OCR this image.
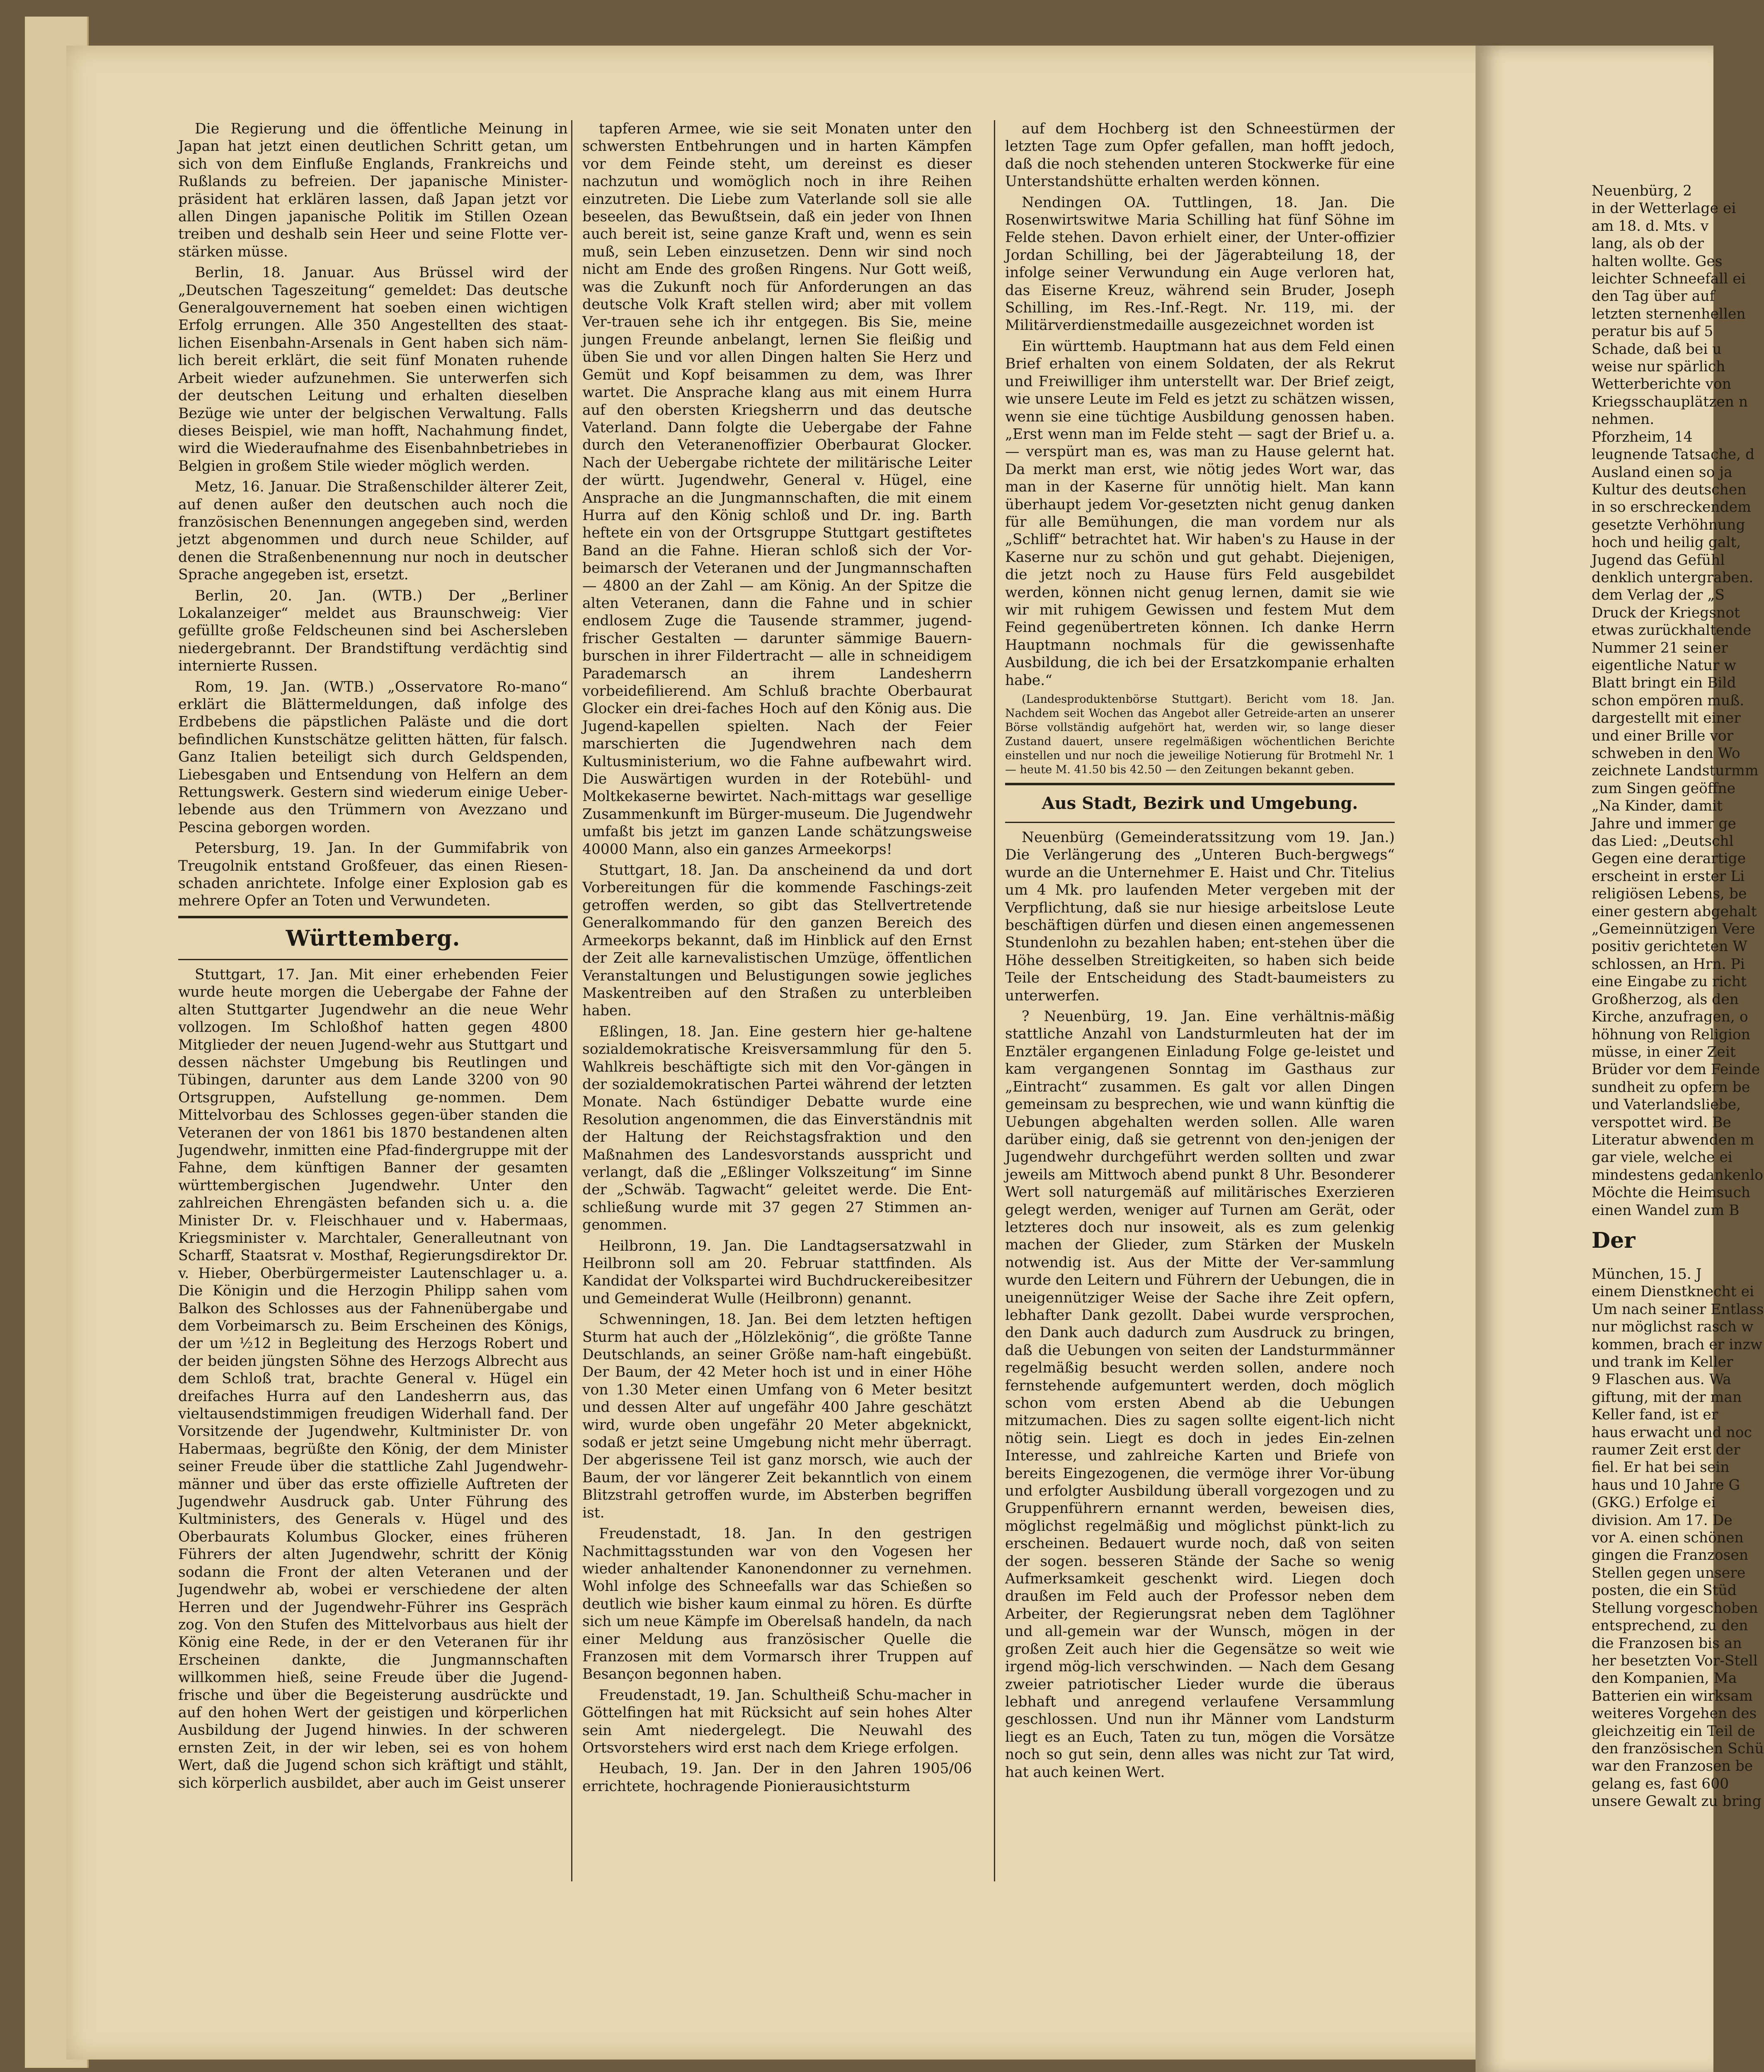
Die Regierung und die öffentliche Meinung in Japan hat jetzt einen deutlichen Schritt getan, um sich von dem Einfluße Englands, Frankreichs und Rußlands zu befreien. Der japanische Minister-präsident hat erklären lassen, daß Japan jetzt vor allen Dingen japanische Politik im Stillen Ozean treiben und deshalb sein Heer und seine Flotte ver-stärken müsse.

Berlin, 18. Januar. Aus Brüssel wird der „Deutschen Tageszeitung“ gemeldet: Das deutsche Generalgouvernement hat soeben einen wichtigen Erfolg errungen. Alle 350 Angestellten des staat-lichen Eisenbahn-Arsenals in Gent haben sich näm-lich bereit erklärt, die seit fünf Monaten ruhende Arbeit wieder aufzunehmen. Sie unterwerfen sich der deutschen Leitung und erhalten dieselben Bezüge wie unter der belgischen Verwaltung. Falls dieses Beispiel, wie man hofft, Nachahmung findet, wird die Wiederaufnahme des Eisenbahnbetriebes in Belgien in großem Stile wieder möglich werden.

Metz, 16. Januar. Die Straßenschilder älterer Zeit, auf denen außer den deutschen auch noch die französischen Benennungen angegeben sind, werden jetzt abgenommen und durch neue Schilder, auf denen die Straßenbenennung nur noch in deutscher Sprache angegeben ist, ersetzt.

Berlin, 20. Jan. (WTB.) Der „Berliner Lokalanzeiger“ meldet aus Braunschweig: Vier gefüllte große Feldscheunen sind bei Aschersleben niedergebrannt. Der Brandstiftung verdächtig sind internierte Russen.

Rom, 19. Jan. (WTB.) „Osservatore Ro-mano“ erklärt die Blättermeldungen, daß infolge des Erdbebens die päpstlichen Paläste und die dort befindlichen Kunstschätze gelitten hätten, für falsch. Ganz Italien beteiligt sich durch Geldspenden, Liebesgaben und Entsendung von Helfern an dem Rettungswerk. Gestern sind wiederum einige Ueber-lebende aus den Trümmern von Avezzano und Pescina geborgen worden.

Petersburg, 19. Jan. In der Gummifabrik von Treugolnik entstand Großfeuer, das einen Riesen-schaden anrichtete. Infolge einer Explosion gab es mehrere Opfer an Toten und Verwundeten.

Württemberg.

Stuttgart, 17. Jan. Mit einer erhebenden Feier wurde heute morgen die Uebergabe der Fahne der alten Stuttgarter Jugendwehr an die neue Wehr vollzogen. Im Schloßhof hatten gegen 4800 Mitglieder der neuen Jugend-wehr aus Stuttgart und dessen nächster Umgebung bis Reutlingen und Tübingen, darunter aus dem Lande 3200 von 90 Ortsgruppen, Aufstellung ge-nommen. Dem Mittelvorbau des Schlosses gegen-über standen die Veteranen der von 1861 bis 1870 bestandenen alten Jugendwehr, inmitten eine Pfad-findergruppe mit der Fahne, dem künftigen Banner der gesamten württembergischen Jugendwehr. Unter den zahlreichen Ehrengästen befanden sich u. a. die Minister Dr. v. Fleischhauer und v. Habermaas, Kriegsminister v. Marchtaler, Generalleutnant von Scharff, Staatsrat v. Mosthaf, Regierungsdirektor Dr. v. Hieber, Oberbürgermeister Lautenschlager u. a. Die Königin und die Herzogin Philipp sahen vom Balkon des Schlosses aus der Fahnenübergabe und dem Vorbeimarsch zu. Beim Erscheinen des Königs, der um ½12 in Begleitung des Herzogs Robert und der beiden jüngsten Söhne des Herzogs Albrecht aus dem Schloß trat, brachte General v. Hügel ein dreifaches Hurra auf den Landesherrn aus, das vieltausendstimmigen freudigen Widerhall fand. Der Vorsitzende der Jugendwehr, Kultminister Dr. von Habermaas, begrüßte den König, der dem Minister seiner Freude über die stattliche Zahl Jugendwehr-männer und über das erste offizielle Auftreten der Jugendwehr Ausdruck gab. Unter Führung des Kultministers, des Generals v. Hügel und des Oberbaurats Kolumbus Glocker, eines früheren Führers der alten Jugendwehr, schritt der König sodann die Front der alten Veteranen und der Jugendwehr ab, wobei er verschiedene der alten Herren und der Jugendwehr-Führer ins Gespräch zog. Von den Stufen des Mittelvorbaus aus hielt der König eine Rede, in der er den Veteranen für ihr Erscheinen dankte, die Jungmannschaften willkommen hieß, seine Freude über die Jugend-frische und über die Begeisterung ausdrückte und auf den hohen Wert der geistigen und körperlichen Ausbildung der Jugend hinwies. In der schweren ernsten Zeit, in der wir leben, sei es von hohem Wert, daß die Jugend schon sich kräftigt und stählt, sich körperlich ausbildet, aber auch im Geist unserer

tapferen Armee, wie sie seit Monaten unter den schwersten Entbehrungen und in harten Kämpfen vor dem Feinde steht, um dereinst es dieser nachzutun und womöglich noch in ihre Reihen einzutreten. Die Liebe zum Vaterlande soll sie alle beseelen, das Bewußtsein, daß ein jeder von Ihnen auch bereit ist, seine ganze Kraft und, wenn es sein muß, sein Leben einzusetzen. Denn wir sind noch nicht am Ende des großen Ringens. Nur Gott weiß, was die Zukunft noch für Anforderungen an das deutsche Volk Kraft stellen wird; aber mit vollem Ver-trauen sehe ich ihr entgegen. Bis Sie, meine jungen Freunde anbelangt, lernen Sie fleißig und üben Sie und vor allen Dingen halten Sie Herz und Gemüt und Kopf beisammen zu dem, was Ihrer wartet. Die Ansprache klang aus mit einem Hurra auf den obersten Kriegsherrn und das deutsche Vaterland. Dann folgte die Uebergabe der Fahne durch den Veteranenoffizier Oberbaurat Glocker. Nach der Uebergabe richtete der militärische Leiter der württ. Jugendwehr, General v. Hügel, eine Ansprache an die Jungmannschaften, die mit einem Hurra auf den König schloß und Dr. ing. Barth heftete ein von der Ortsgruppe Stuttgart gestiftetes Band an die Fahne. Hieran schloß sich der Vor-beimarsch der Veteranen und der Jungmannschaften — 4800 an der Zahl — am König. An der Spitze die alten Veteranen, dann die Fahne und in schier endlosem Zuge die Tausende strammer, jugend-frischer Gestalten — darunter sämmige Bauern-burschen in ihrer Fildertracht — alle in schneidigem Parademarsch an ihrem Landesherrn vorbeidefilierend. Am Schluß brachte Oberbaurat Glocker ein drei-faches Hoch auf den König aus. Die Jugend-kapellen spielten. Nach der Feier marschierten die Jugendwehren nach dem Kultusministerium, wo die Fahne aufbewahrt wird. Die Auswärtigen wurden in der Rotebühl- und Moltkekaserne bewirtet. Nach-mittags war gesellige Zusammenkunft im Bürger-museum. Die Jugendwehr umfaßt bis jetzt im ganzen Lande schätzungsweise 40000 Mann, also ein ganzes Armeekorps!

Stuttgart, 18. Jan. Da anscheinend da und dort Vorbereitungen für die kommende Faschings-zeit getroffen werden, so gibt das Stellvertretende Generalkommando für den ganzen Bereich des Armeekorps bekannt, daß im Hinblick auf den Ernst der Zeit alle karnevalistischen Umzüge, öffentlichen Veranstaltungen und Belustigungen sowie jegliches Maskentreiben auf den Straßen zu unterbleiben haben.

Eßlingen, 18. Jan. Eine gestern hier ge-haltene sozialdemokratische Kreisversammlung für den 5. Wahlkreis beschäftigte sich mit den Vor-gängen in der sozialdemokratischen Partei während der letzten Monate. Nach 6stündiger Debatte wurde eine Resolution angenommen, die das Einverständnis mit der Haltung der Reichstagsfraktion und den Maßnahmen des Landesvorstands ausspricht und verlangt, daß die „Eßlinger Volkszeitung“ im Sinne der „Schwäb. Tagwacht“ geleitet werde. Die Ent-schließung wurde mit 37 gegen 27 Stimmen an-genommen.

Heilbronn, 19. Jan. Die Landtagsersatzwahl in Heilbronn soll am 20. Februar stattfinden. Als Kandidat der Volkspartei wird Buchdruckereibesitzer und Gemeinderat Wulle (Heilbronn) genannt.

Schwenningen, 18. Jan. Bei dem letzten heftigen Sturm hat auch der „Hölzlekönig“, die größte Tanne Deutschlands, an seiner Größe nam-haft eingebüßt. Der Baum, der 42 Meter hoch ist und in einer Höhe von 1.30 Meter einen Umfang von 6 Meter besitzt und dessen Alter auf ungefähr 400 Jahre geschätzt wird, wurde oben ungefähr 20 Meter abgeknickt, sodaß er jetzt seine Umgebung nicht mehr überragt. Der abgerissene Teil ist ganz morsch, wie auch der Baum, der vor längerer Zeit bekanntlich von einem Blitzstrahl getroffen wurde, im Absterben begriffen ist.

Freudenstadt, 18. Jan. In den gestrigen Nachmittagsstunden war von den Vogesen her wieder anhaltender Kanonendonner zu vernehmen. Wohl infolge des Schneefalls war das Schießen so deutlich wie bisher kaum einmal zu hören. Es dürfte sich um neue Kämpfe im Oberelsaß handeln, da nach einer Meldung aus französischer Quelle die Franzosen mit dem Vormarsch ihrer Truppen auf Besançon begonnen haben.

Freudenstadt, 19. Jan. Schultheiß Schu-macher in Göttelfingen hat mit Rücksicht auf sein hohes Alter sein Amt niedergelegt. Die Neuwahl des Ortsvorstehers wird erst nach dem Kriege erfolgen.

Heubach, 19. Jan. Der in den Jahren 1905/06 errichtete, hochragende Pionierausichtsturm

auf dem Hochberg ist den Schneestürmen der letzten Tage zum Opfer gefallen, man hofft jedoch, daß die noch stehenden unteren Stockwerke für eine Unterstandshütte erhalten werden können.

Nendingen OA. Tuttlingen, 18. Jan. Die Rosenwirtswitwe Maria Schilling hat fünf Söhne im Felde stehen. Davon erhielt einer, der Unter-offizier Jordan Schilling, bei der Jägerabteilung 18, der infolge seiner Verwundung ein Auge verloren hat, das Eiserne Kreuz, während sein Bruder, Joseph Schilling, im Res.-Inf.-Regt. Nr. 119, mi. der Militärverdienstmedaille ausgezeichnet worden ist

Ein württemb. Hauptmann hat aus dem Feld einen Brief erhalten von einem Soldaten, der als Rekrut und Freiwilliger ihm unterstellt war. Der Brief zeigt, wie unsere Leute im Feld es jetzt zu schätzen wissen, wenn sie eine tüchtige Ausbildung genossen haben. „Erst wenn man im Felde steht — sagt der Brief u. a. — verspürt man es, was man zu Hause gelernt hat. Da merkt man erst, wie nötig jedes Wort war, das man in der Kaserne für unnötig hielt. Man kann überhaupt jedem Vor-gesetzten nicht genug danken für alle Bemühungen, die man vordem nur als „Schliff“ betrachtet hat. Wir haben's zu Hause in der Kaserne nur zu schön und gut gehabt. Diejenigen, die jetzt noch zu Hause fürs Feld ausgebildet werden, können nicht genug lernen, damit sie wie wir mit ruhigem Gewissen und festem Mut dem Feind gegenübertreten können. Ich danke Herrn Hauptmann nochmals für die gewissenhafte Ausbildung, die ich bei der Ersatzkompanie erhalten habe.“

(Landesproduktenbörse Stuttgart). Bericht vom 18. Jan. Nachdem seit Wochen das Angebot aller Getreide-arten an unserer Börse vollständig aufgehört hat, werden wir, so lange dieser Zustand dauert, unsere regelmäßigen wöchentlichen Berichte einstellen und nur noch die jeweilige Notierung für Brotmehl Nr. 1 — heute M. 41.50 bis 42.50 — den Zeitungen bekannt geben.

Aus Stadt, Bezirk und Umgebung.

Neuenbürg (Gemeinderatssitzung vom 19. Jan.) Die Verlängerung des „Unteren Buch-bergwegs“ wurde an die Unternehmer E. Haist und Chr. Titelius um 4 Mk. pro laufenden Meter vergeben mit der Verpflichtung, daß sie nur hiesige arbeitslose Leute beschäftigen dürfen und diesen einen angemessenen Stundenlohn zu bezahlen haben; ent-stehen über die Höhe desselben Streitigkeiten, so haben sich beide Teile der Entscheidung des Stadt-baumeisters zu unterwerfen.

? Neuenbürg, 19. Jan. Eine verhältnis-mäßig stattliche Anzahl von Landsturmleuten hat der im Enztäler ergangenen Einladung Folge ge-leistet und kam vergangenen Sonntag im Gasthaus zur „Eintracht“ zusammen. Es galt vor allen Dingen gemeinsam zu besprechen, wie und wann künftig die Uebungen abgehalten werden sollen. Alle waren darüber einig, daß sie getrennt von den-jenigen der Jugendwehr durchgeführt werden sollten und zwar jeweils am Mittwoch abend punkt 8 Uhr. Besonderer Wert soll naturgemäß auf militärisches Exerzieren gelegt werden, weniger auf Turnen am Gerät, oder letzteres doch nur insoweit, als es zum gelenkig machen der Glieder, zum Stärken der Muskeln notwendig ist. Aus der Mitte der Ver-sammlung wurde den Leitern und Führern der Uebungen, die in uneigennütziger Weise der Sache ihre Zeit opfern, lebhafter Dank gezollt. Dabei wurde versprochen, den Dank auch dadurch zum Ausdruck zu bringen, daß die Uebungen von seiten der Landsturmmänner regelmäßig besucht werden sollen, andere noch fernstehende aufgemuntert werden, doch möglich schon vom ersten Abend ab die Uebungen mitzumachen. Dies zu sagen sollte eigent-lich nicht nötig sein. Liegt es doch in jedes Ein-zelnen Interesse, und zahlreiche Karten und Briefe von bereits Eingezogenen, die vermöge ihrer Vor-übung und erfolgter Ausbildung überall vorgezogen und zu Gruppenführern ernannt werden, beweisen dies, möglichst regelmäßig und möglichst pünkt-lich zu erscheinen. Bedauert wurde noch, daß von seiten der sogen. besseren Stände der Sache so wenig Aufmerksamkeit geschenkt wird. Liegen doch draußen im Feld auch der Professor neben dem Arbeiter, der Regierungsrat neben dem Taglöhner und all-gemein war der Wunsch, mögen in der großen Zeit auch hier die Gegensätze so weit wie irgend mög-lich verschwinden. — Nach dem Gesang zweier patriotischer Lieder wurde die überaus lebhaft und anregend verlaufene Versammlung geschlossen. Und nun ihr Männer vom Landsturm liegt es an Euch, Taten zu tun, mögen die Vorsätze noch so gut sein, denn alles was nicht zur Tat wird, hat auch keinen Wert.

Neuenbürg, 2

in der Wetterlage ei

am 18. d. Mts. v

lang, als ob der

halten wollte. Ges

leichter Schneefall ei

den Tag über auf

letzten sternenhellen

peratur bis auf 5

Schade, daß bei u

weise nur spärlich

Wetterberichte von

Kriegsschauplätzen n

nehmen.

Pforzheim, 14

leugnende Tatsache, d

Ausland einen so ja

Kultur des deutschen

in so erschreckendem

gesetzte Verhöhnung

hoch und heilig galt,

Jugend das Gefühl

denklich untergraben.

dem Verlag der „S

Druck der Kriegsnot

etwas zurückhaltende

Nummer 21 seiner

eigentliche Natur w

Blatt bringt ein Bild

schon empören muß.

dargestellt mit einer

und einer Brille vor

schweben in den Wo

zeichnete Landsturmm

zum Singen geöffne

„Na Kinder, damit

Jahre und immer ge

das Lied: „Deutschl

Gegen eine derartige

erscheint in erster Li

religiösen Lebens, be

einer gestern abgehalt

„Gemeinnützigen Vere

positiv gerichteten W

schlossen, an Hrn. Pi

eine Eingabe zu richt

Großherzog, als den

Kirche, anzufragen, o

höhnung von Religion

müsse, in einer Zeit

Brüder vor dem Feinde

sundheit zu opfern be

und Vaterlandsliebe,

verspottet wird. Be

Literatur abwenden m

gar viele, welche ei

mindestens gedankenlo

Möchte die Heimsuch

einen Wandel zum B

Der

München, 15. J

einem Dienstknecht ei

Um nach seiner Entlass

nur möglichst rasch w

kommen, brach er inzw

und trank im Keller

9 Flaschen aus. Wa

giftung, mit der man

Keller fand, ist er

haus erwacht und noc

raumer Zeit erst der

fiel. Er hat bei sein

haus und 10 Jahre G

(GKG.) Erfolge ei

division. Am 17. De

vor A. einen schönen

gingen die Franzosen

Stellen gegen unsere

posten, die ein Stüd

Stellung vorgeschoben

entsprechend, zu den

die Franzosen bis an

her besetzten Vor-Stell

den Kompanien, Ma

Batterien ein wirksam

weiteres Vorgehen des

gleichzeitig ein Teil de

den französischen Schü

war den Franzosen be

gelang es, fast 600

unsere Gewalt zu bring
